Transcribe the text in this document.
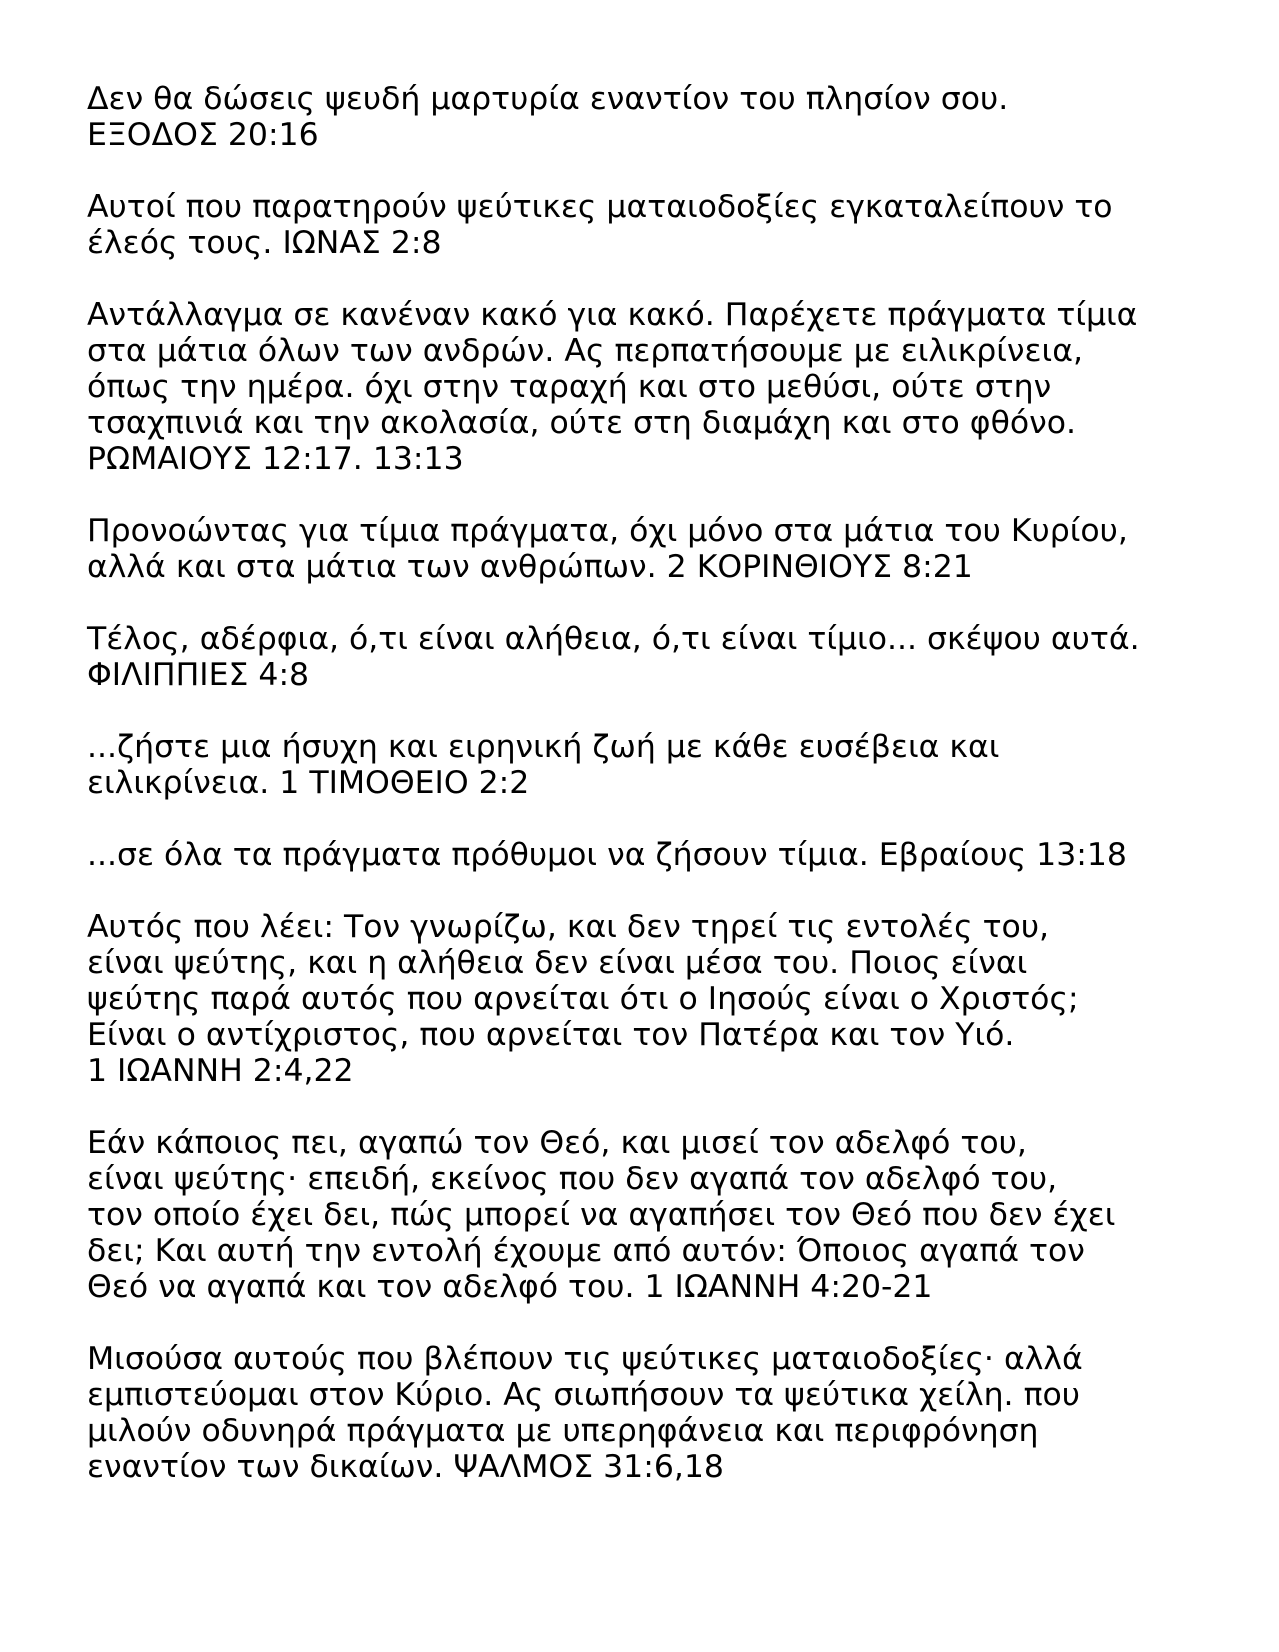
Δεν θα δώσεις ψευδή μαρτυρία εναντίον του πλησίον σου.
ΕΞΟΔΟΣ 20:16

Αυτοί που παρατηρούν ψεύτικες ματαιοδοξίες εγκαταλείπουν το
έλεός τους. ΙΩΝΑΣ 2:8

Αντάλλαγμα σε κανέναν κακό για κακό. Παρέχετε πράγματα τίμια
στα μάτια όλων των ανδρών. Ας περπατήσουμε με ειλικρίνεια,
όπως την ημέρα. όχι στην ταραχή και στο μεθύσι, ούτε στην
τσαχπινιά και την ακολασία, ούτε στη διαμάχη και στο φθόνο.
ΡΩΜΑΙΟΥΣ 12:17. 13:13

Προνοώντας για τίμια πράγματα, όχι μόνο στα μάτια του Κυρίου,
αλλά και στα μάτια των ανθρώπων. 2 ΚΟΡΙΝΘΙΟΥΣ 8:21

Τέλος, αδέρφια, ό,τι είναι αλήθεια, ό,τι είναι τίμιο... σκέψου αυτά.
ΦΙΛΙΠΠΙΕΣ 4:8

...ζήστε μια ήσυχη και ειρηνική ζωή με κάθε ευσέβεια και
ειλικρίνεια. 1 ΤΙΜΟΘΕΙΟ 2:2

...σε όλα τα πράγματα πρόθυμοι να ζήσουν τίμια. Εβραίους 13:18

Αυτός που λέει: Τον γνωρίζω, και δεν τηρεί τις εντολές του,
είναι ψεύτης, και η αλήθεια δεν είναι μέσα του. Ποιος είναι
ψεύτης παρά αυτός που αρνείται ότι ο Ιησούς είναι ο Χριστός;
Είναι ο αντίχριστος, που αρνείται τον Πατέρα και τον Υιό.
1 ΙΩΑΝΝΗ 2:4,22

Εάν κάποιος πει, αγαπώ τον Θεό, και μισεί τον αδελφό του,
είναι ψεύτης· επειδή, εκείνος που δεν αγαπά τον αδελφό του,
τον οποίο έχει δει, πώς μπορεί να αγαπήσει τον Θεό που δεν έχει
δει; Και αυτή την εντολή έχουμε από αυτόν: Όποιος αγαπά τον
Θεό να αγαπά και τον αδελφό του. 1 ΙΩΑΝΝΗ 4:20-21

Μισούσα αυτούς που βλέπουν τις ψεύτικες ματαιοδοξίες· αλλά
εμπιστεύομαι στον Κύριο. Ας σιωπήσουν τα ψεύτικα χείλη. που
μιλούν οδυνηρά πράγματα με υπερηφάνεια και περιφρόνηση
εναντίον των δικαίων. ΨΑΛΜΟΣ 31:6,18
